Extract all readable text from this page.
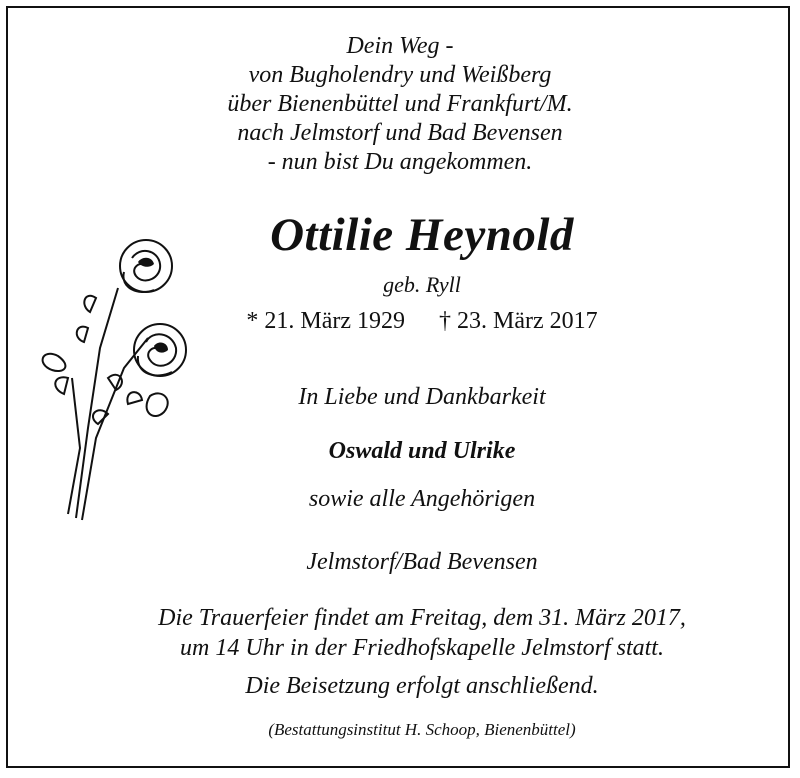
Dein Weg -
von Bugholendry und Weißberg
über Bienenbüttel und Frankfurt/M.
nach Jelmstorf und Bad Bevensen
- nun bist Du angekommen.
Ottilie Heynold
geb. Ryll
* 21. März 1929 † 23. März 2017
In Liebe und Dankbarkeit
Oswald und Ulrike
sowie alle Angehörigen
Jelmstorf/Bad Bevensen
Die Trauerfeier findet am Freitag, dem 31. März 2017,
um 14 Uhr in der Friedhofskapelle Jelmstorf statt.
Die Beisetzung erfolgt anschließend.
(Bestattungsinstitut H. Schoop, Bienenbüttel)
